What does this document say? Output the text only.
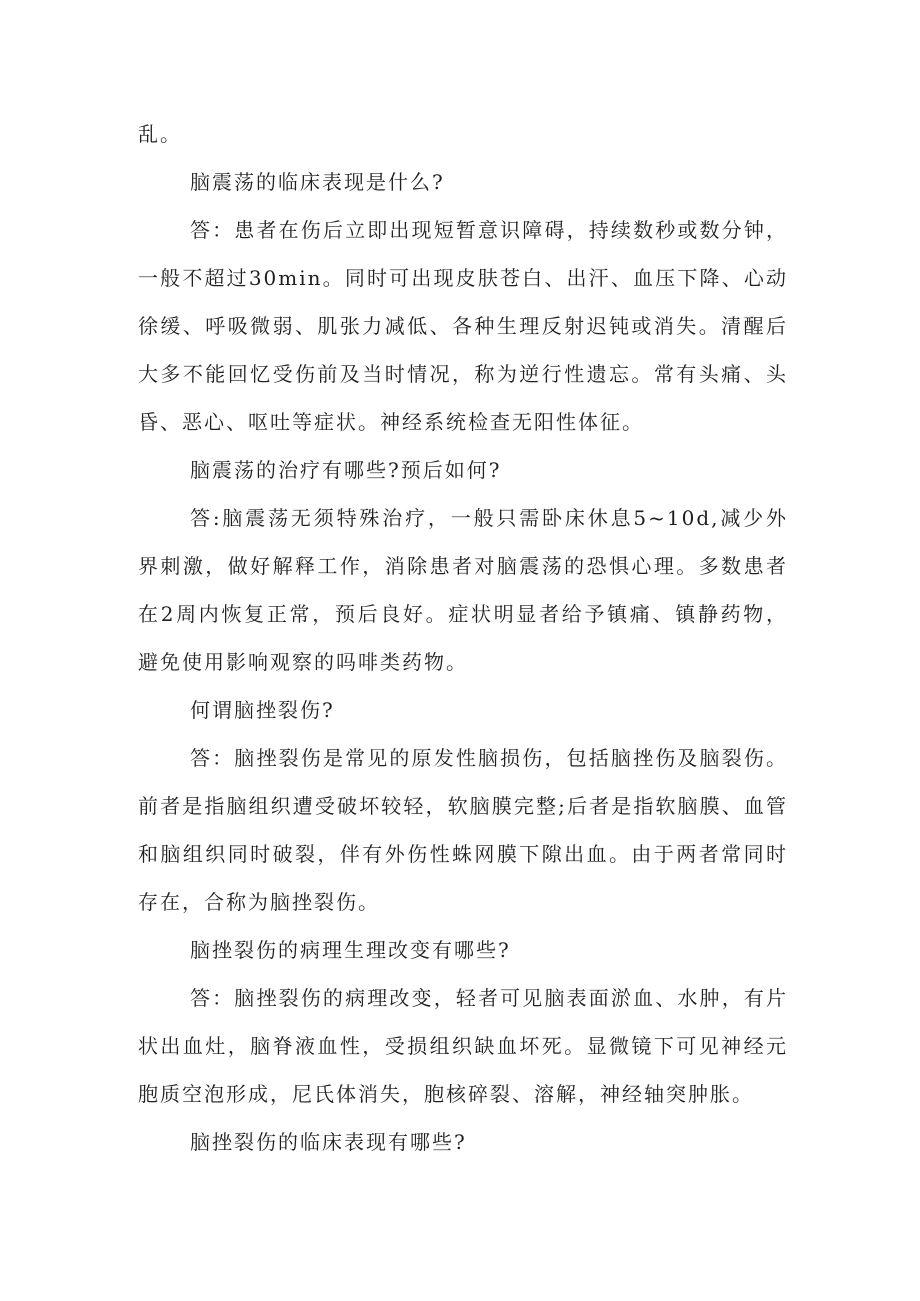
乱。

脑震荡的临床表现是什么?

答：患者在伤后立即出现短暂意识障碍，持续数秒或数分钟，一般不超过30min。同时可出现皮肤苍白、出汗、血压下降、心动徐缓、呼吸微弱、肌张力减低、各种生理反射迟钝或消失。清醒后大多不能回忆受伤前及当时情况，称为逆行性遗忘。常有头痛、头昏、恶心、呕吐等症状。神经系统检查无阳性体征。

脑震荡的治疗有哪些?预后如何?

答:脑震荡无须特殊治疗，一般只需卧床休息5~10d,减少外界刺激，做好解释工作，消除患者对脑震荡的恐惧心理。多数患者在2周内恢复正常，预后良好。症状明显者给予镇痛、镇静药物，避免使用影响观察的吗啡类药物。

何谓脑挫裂伤?

答：脑挫裂伤是常见的原发性脑损伤，包括脑挫伤及脑裂伤。前者是指脑组织遭受破坏较轻，软脑膜完整;后者是指软脑膜、血管和脑组织同时破裂，伴有外伤性蛛网膜下隙出血。由于两者常同时存在，合称为脑挫裂伤。

脑挫裂伤的病理生理改变有哪些?

答：脑挫裂伤的病理改变，轻者可见脑表面淤血、水肿，有片状出血灶，脑脊液血性，受损组织缺血坏死。显微镜下可见神经元胞质空泡形成，尼氏体消失，胞核碎裂、溶解，神经轴突肿胀。

脑挫裂伤的临床表现有哪些?
